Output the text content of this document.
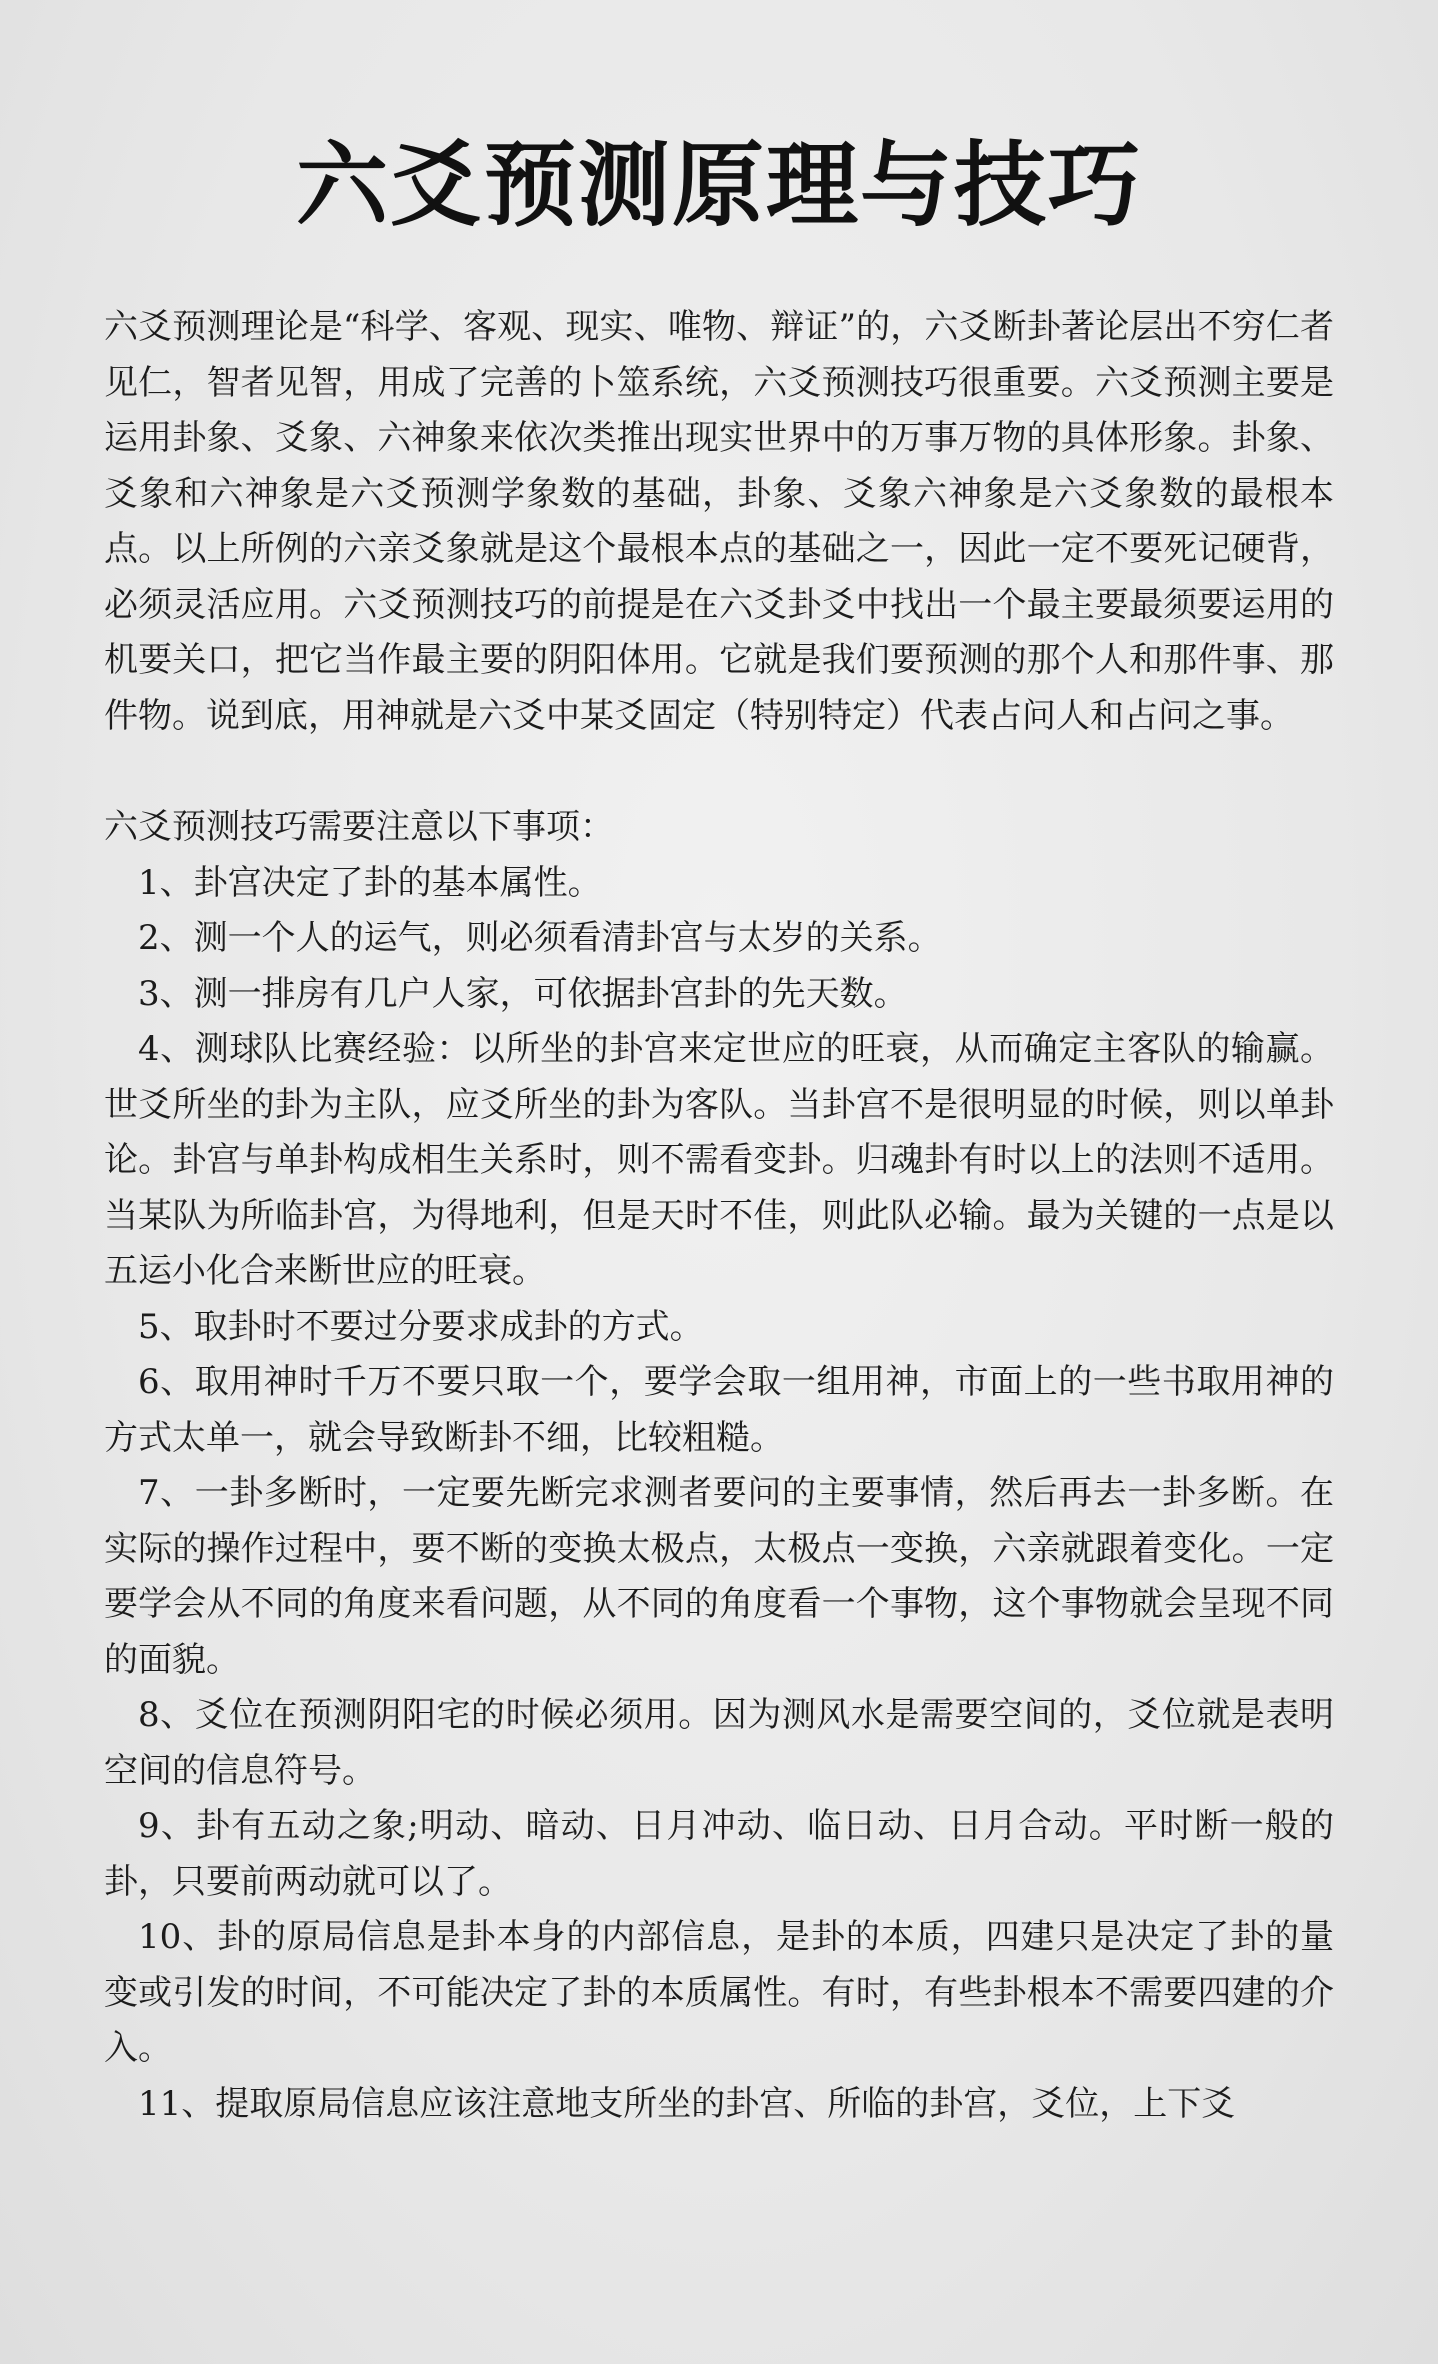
六爻预测原理与技巧

六爻预测理论是“科学、客观、现实、唯物、辩证”的，六爻断卦著论层出不穷仁者见仁，智者见智，用成了完善的卜筮系统，六爻预测技巧很重要。六爻预测主要是运用卦象、爻象、六神象来依次类推出现实世界中的万事万物的具体形象。卦象、爻象和六神象是六爻预测学象数的基础，卦象、爻象六神象是六爻象数的最根本点。以上所例的六亲爻象就是这个最根本点的基础之一，因此一定不要死记硬背，必须灵活应用。六爻预测技巧的前提是在六爻卦爻中找出一个最主要最须要运用的机要关口，把它当作最主要的阴阳体用。它就是我们要预测的那个人和那件事、那件物。说到底，用神就是六爻中某爻固定（特别特定）代表占问人和占问之事。

六爻预测技巧需要注意以下事项：

1、卦宫决定了卦的基本属性。

2、测一个人的运气，则必须看清卦宫与太岁的关系。

3、测一排房有几户人家，可依据卦宫卦的先天数。

4、测球队比赛经验：以所坐的卦宫来定世应的旺衰，从而确定主客队的输赢。世爻所坐的卦为主队，应爻所坐的卦为客队。当卦宫不是很明显的时候，则以单卦论。卦宫与单卦构成相生关系时，则不需看变卦。归魂卦有时以上的法则不适用。当某队为所临卦宫，为得地利，但是天时不佳，则此队必输。最为关键的一点是以五运小化合来断世应的旺衰。

5、取卦时不要过分要求成卦的方式。

6、取用神时千万不要只取一个，要学会取一组用神，市面上的一些书取用神的方式太单一，就会导致断卦不细，比较粗糙。

7、一卦多断时，一定要先断完求测者要问的主要事情，然后再去一卦多断。在实际的操作过程中，要不断的变换太极点，太极点一变换，六亲就跟着变化。一定要学会从不同的角度来看问题，从不同的角度看一个事物，这个事物就会呈现不同的面貌。

8、爻位在预测阴阳宅的时候必须用。因为测风水是需要空间的，爻位就是表明空间的信息符号。

9、卦有五动之象;明动、暗动、日月冲动、临日动、日月合动。平时断一般的卦，只要前两动就可以了。

10、卦的原局信息是卦本身的内部信息，是卦的本质，四建只是决定了卦的量变或引发的时间，不可能决定了卦的本质属性。有时，有些卦根本不需要四建的介入。

11、提取原局信息应该注意地支所坐的卦宫、所临的卦宫，爻位，上下爻
